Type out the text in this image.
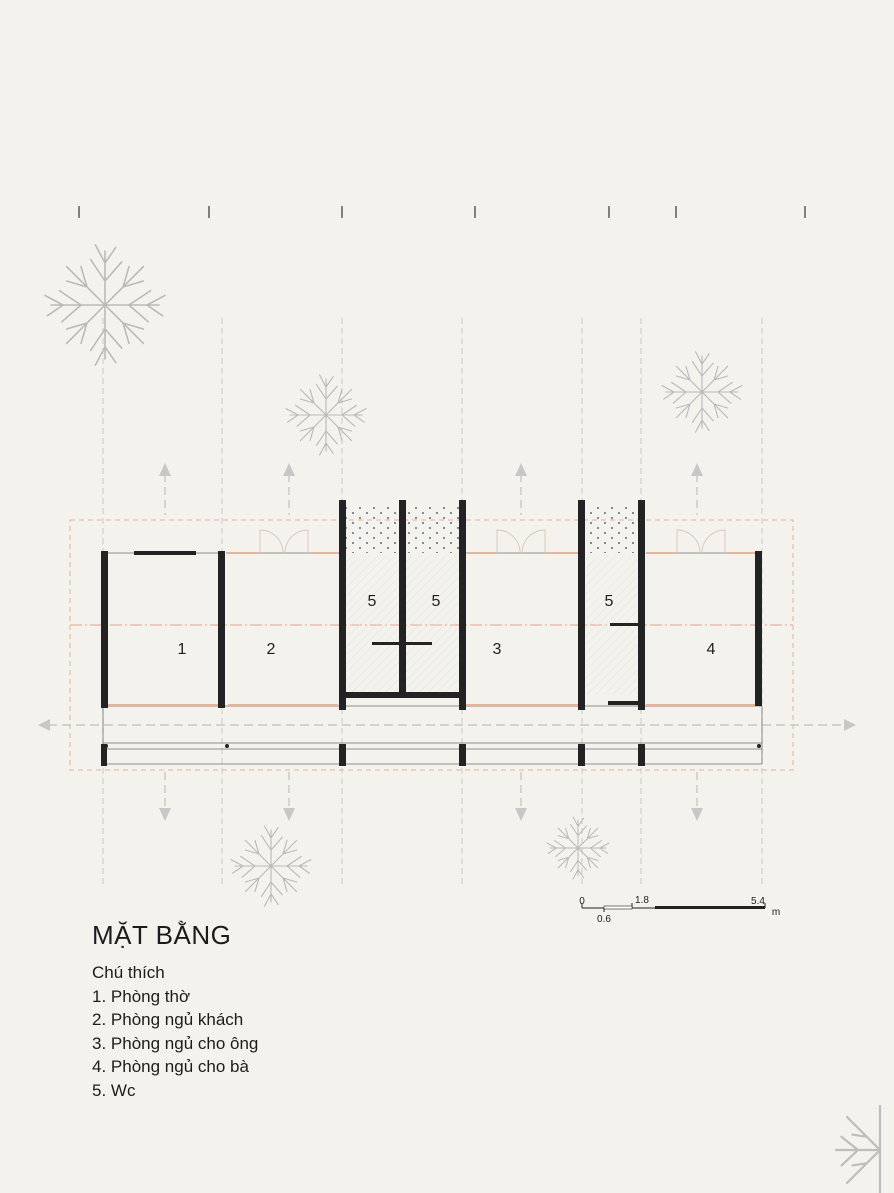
1	2
5	5
3
5
4
0
0.6
1.8	5.4
m
MẶT BẰNG
Chú thích
1. Phòng thờ
2. Phòng ngủ khách
3. Phòng ngủ cho ông
4. Phòng ngủ cho bà
5. Wc
